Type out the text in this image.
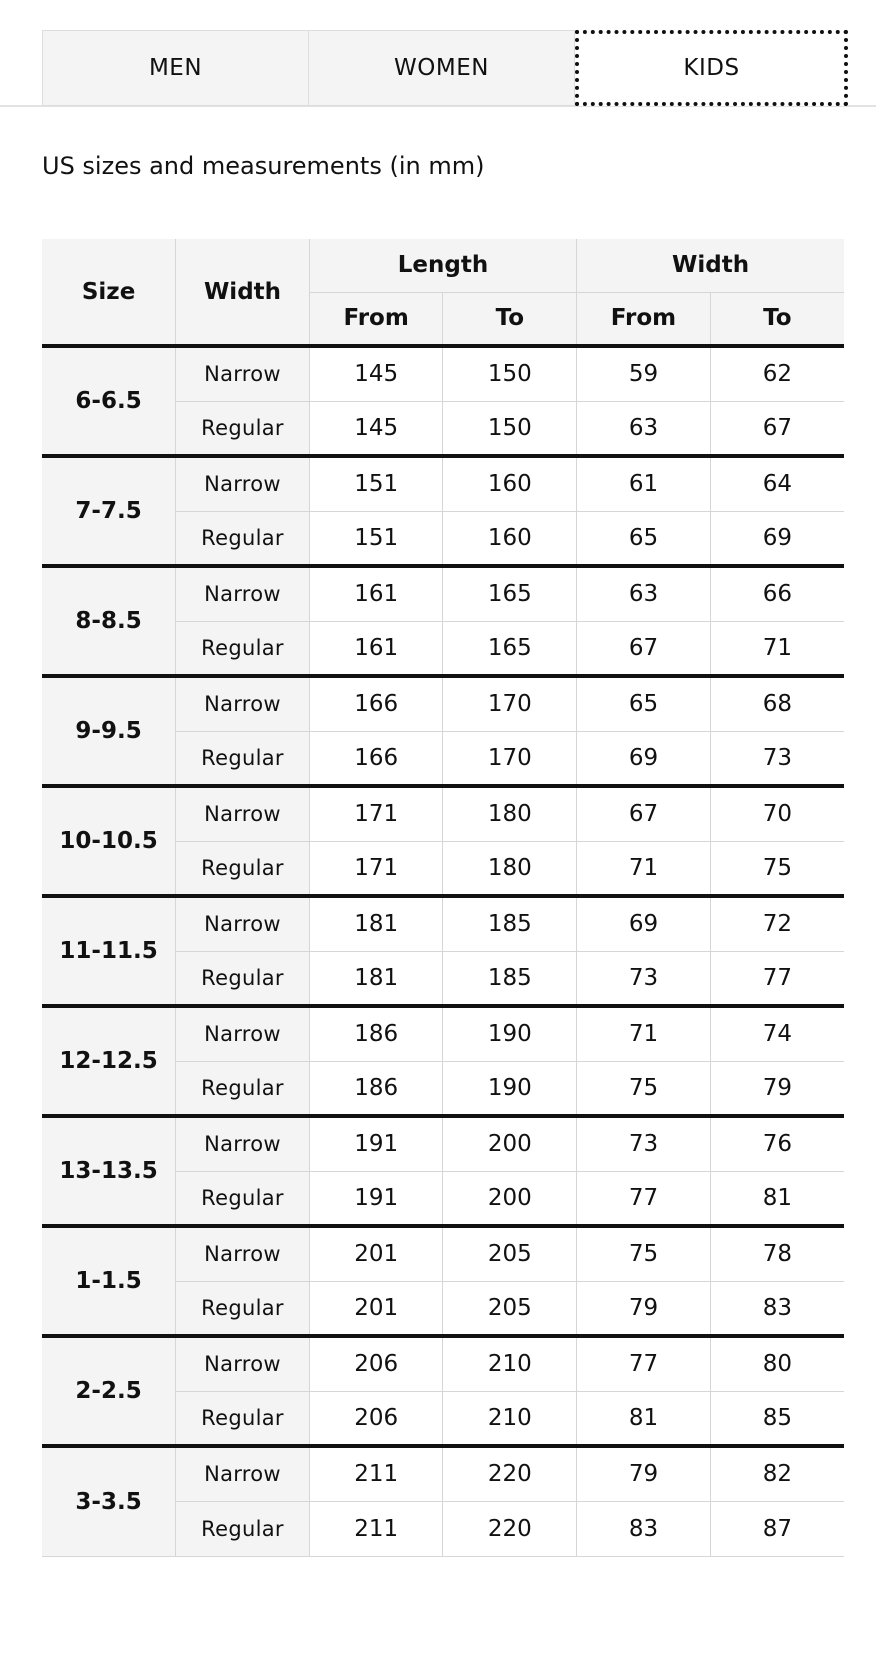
MEN	WOMEN	KIDS
US sizes and measurements (in mm)
Size	Width	Length		Width	
		From	To	From	To
6-6.5	Narrow	145	150	59	62
	Regular	145	150	63	67
7-7.5	Narrow	151	160	61	64
	Regular	151	160	65	69
8-8.5	Narrow	161	165	63	66
	Regular	161	165	67	71
9-9.5	Narrow	166	170	65	68
	Regular	166	170	69	73
10-10.5	Narrow	171	180	67	70
	Regular	171	180	71	75
11-11.5	Narrow	181	185	69	72
	Regular	181	185	73	77
12-12.5	Narrow	186	190	71	74
	Regular	186	190	75	79
13-13.5	Narrow	191	200	73	76
	Regular	191	200	77	81
1-1.5	Narrow	201	205	75	78
	Regular	201	205	79	83
2-2.5	Narrow	206	210	77	80
	Regular	206	210	81	85
3-3.5	Narrow	211	220	79	82
	Regular	211	220	83	87
